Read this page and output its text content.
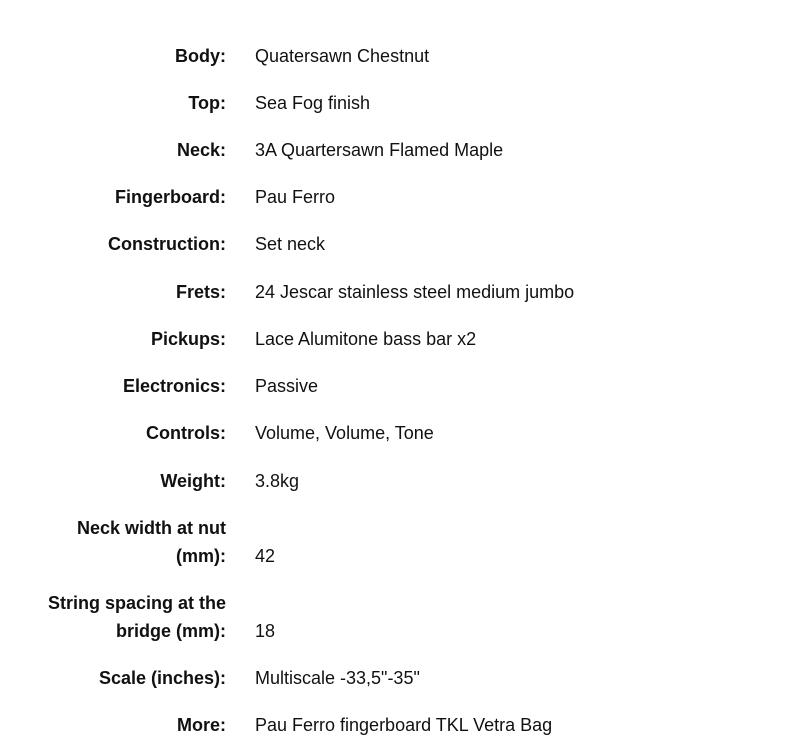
Body: Quatersawn Chestnut
Top: Sea Fog finish
Neck: 3A Quartersawn Flamed Maple
Fingerboard: Pau Ferro
Construction: Set neck
Frets: 24 Jescar stainless steel medium jumbo
Pickups: Lace Alumitone bass bar x2
Electronics: Passive
Controls: Volume, Volume, Tone
Weight: 3.8kg
Neck width at nut (mm): 42
String spacing at the bridge (mm): 18
Scale (inches): Multiscale -33,5"-35"
More: Pau Ferro fingerboard TKL Vetra Bag
